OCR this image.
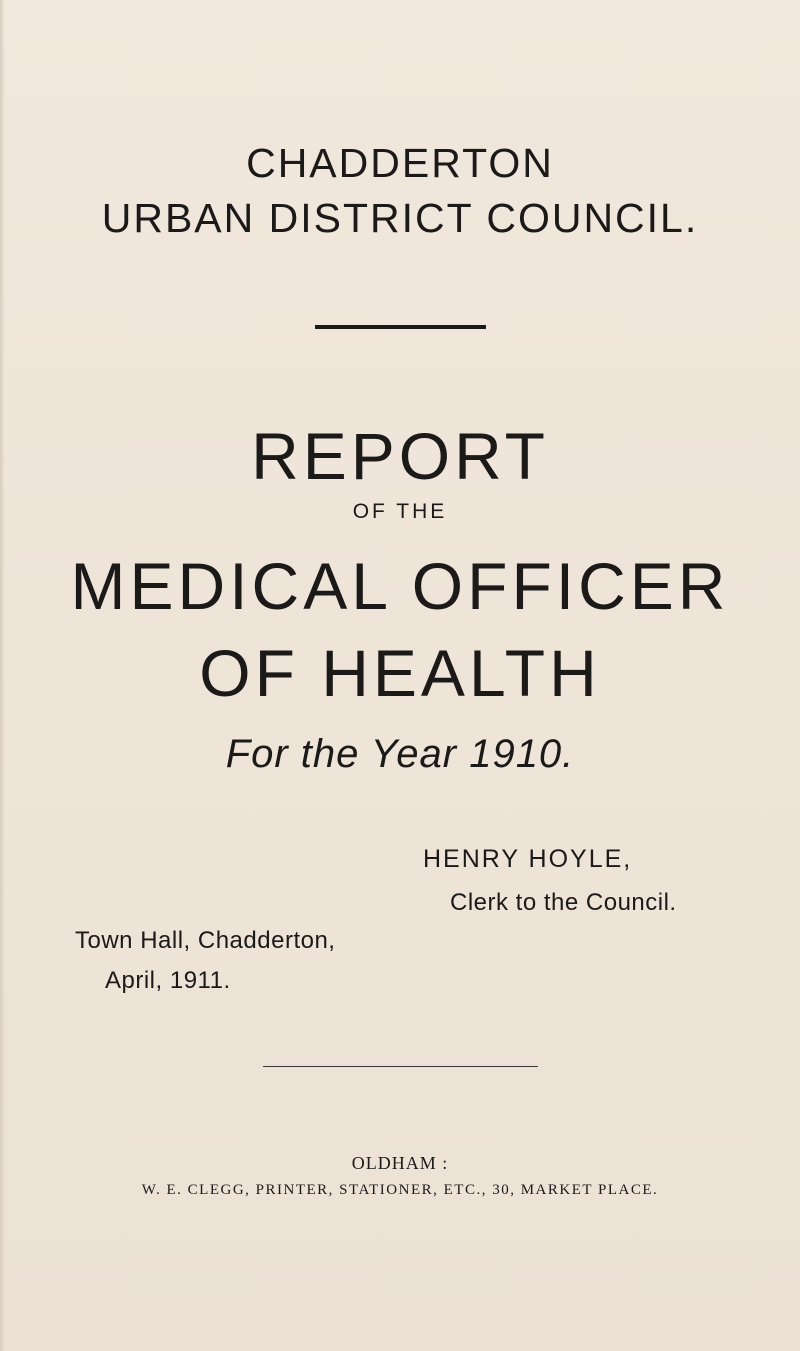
CHADDERTON
URBAN DISTRICT COUNCIL.
REPORT
OF THE
MEDICAL OFFICER
OF HEALTH
For the Year 1910.
HENRY HOYLE,
Clerk to the Council.
Town Hall, Chadderton,
April, 1911.
OLDHAM :
W. E. CLEGG, PRINTER, STATIONER, ETC., 30, MARKET PLACE.
